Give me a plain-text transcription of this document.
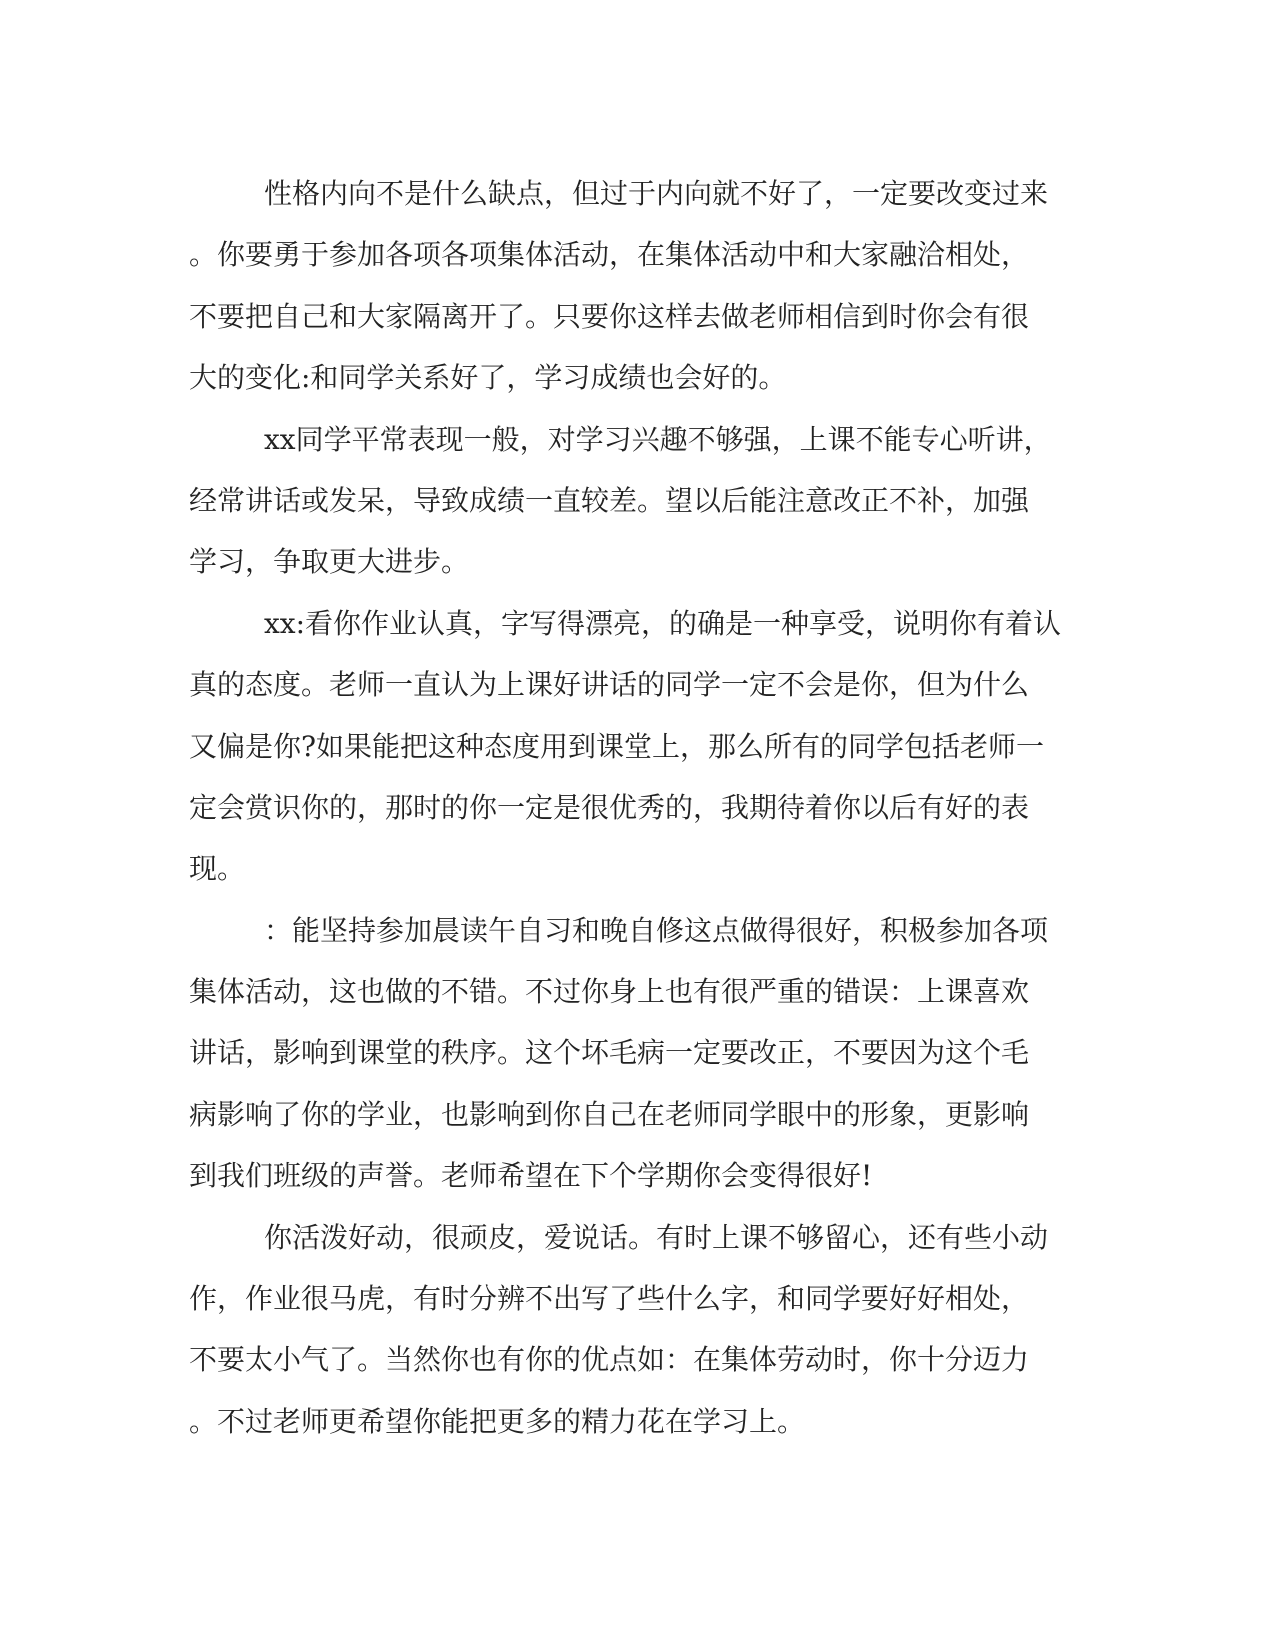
性格内向不是什么缺点，但过于内向就不好了，一定要改变过来
。你要勇于参加各项各项集体活动，在集体活动中和大家融洽相处，
不要把自己和大家隔离开了。只要你这样去做老师相信到时你会有很
大的变化:和同学关系好了，学习成绩也会好的。
xx同学平常表现一般，对学习兴趣不够强，上课不能专心听讲，
经常讲话或发呆，导致成绩一直较差。望以后能注意改正不补，加强
学习，争取更大进步。
xx:看你作业认真，字写得漂亮，的确是一种享受，说明你有着认
真的态度。老师一直认为上课好讲话的同学一定不会是你，但为什么
又偏是你?如果能把这种态度用到课堂上，那么所有的同学包括老师一
定会赏识你的，那时的你一定是很优秀的，我期待着你以后有好的表
现。
：能坚持参加晨读午自习和晚自修这点做得很好，积极参加各项
集体活动，这也做的不错。不过你身上也有很严重的错误：上课喜欢
讲话，影响到课堂的秩序。这个坏毛病一定要改正，不要因为这个毛
病影响了你的学业，也影响到你自己在老师同学眼中的形象，更影响
到我们班级的声誉。老师希望在下个学期你会变得很好!
你活泼好动，很顽皮，爱说话。有时上课不够留心，还有些小动
作，作业很马虎，有时分辨不出写了些什么字，和同学要好好相处，
不要太小气了。当然你也有你的优点如：在集体劳动时，你十分迈力
。不过老师更希望你能把更多的精力花在学习上。
